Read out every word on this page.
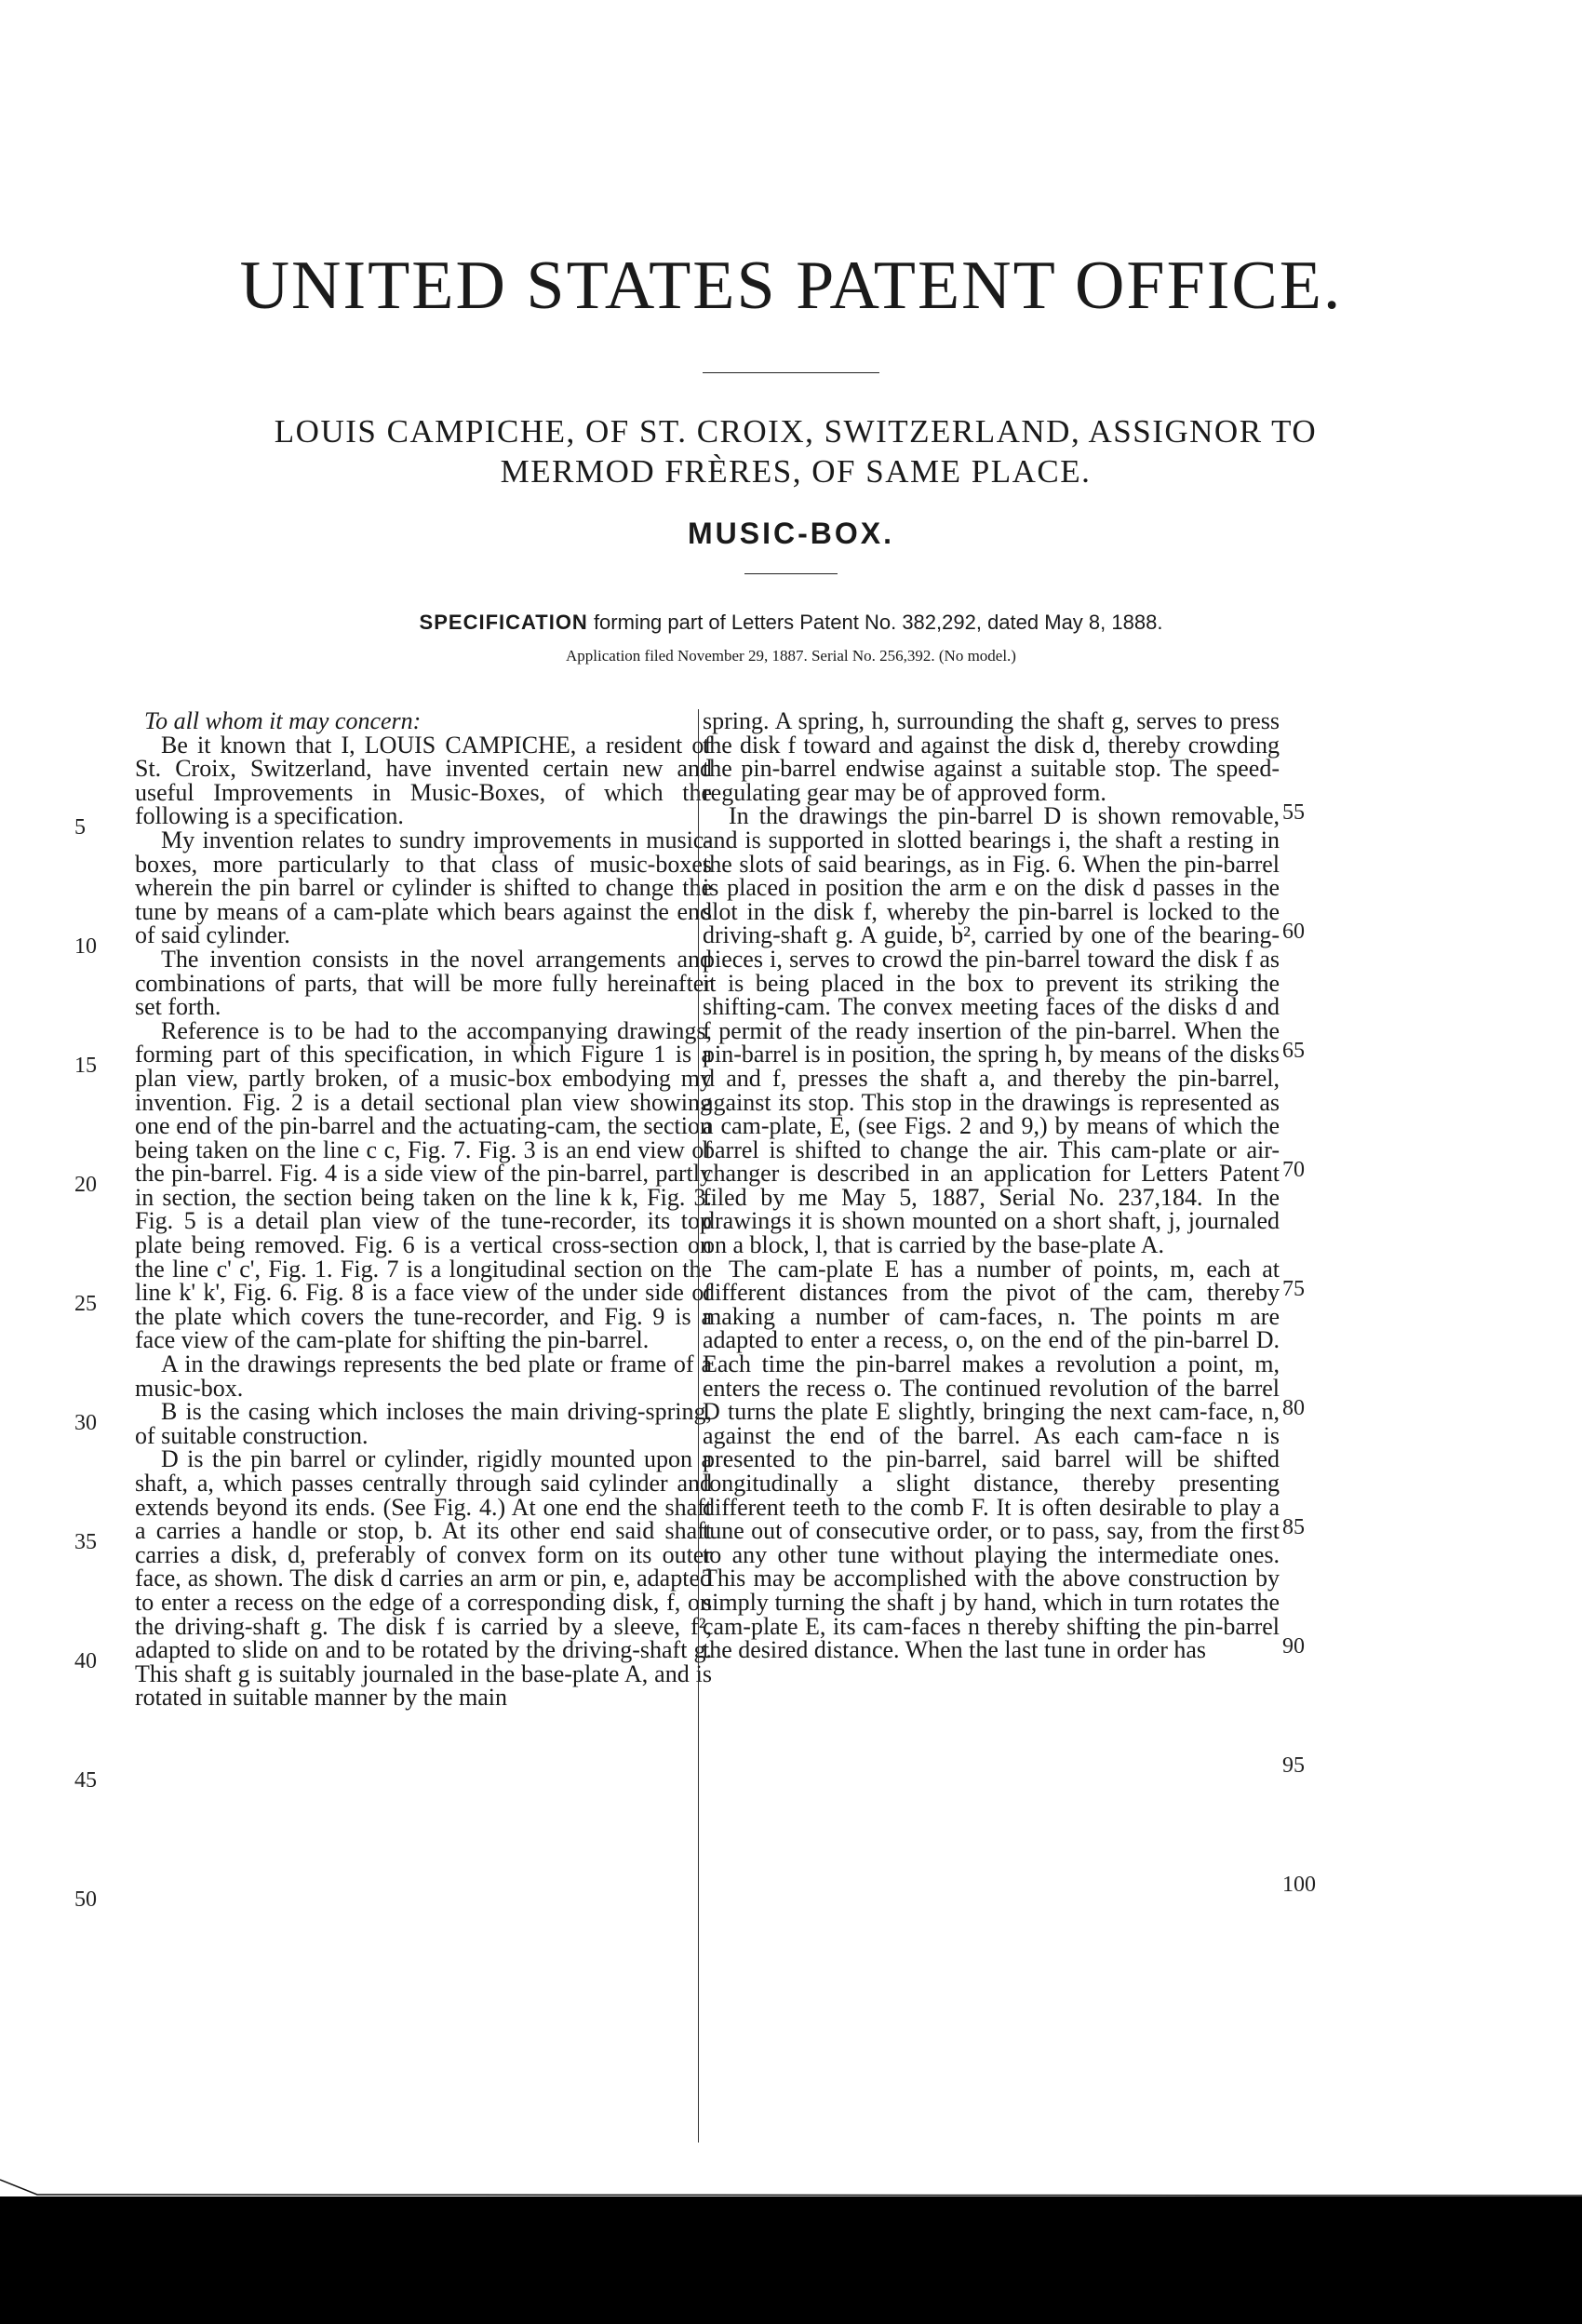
UNITED STATES PATENT OFFICE.
LOUIS CAMPICHE, OF ST. CROIX, SWITZERLAND, ASSIGNOR TO MERMOD FRÈRES, OF SAME PLACE.
MUSIC-BOX.
SPECIFICATION forming part of Letters Patent No. 382,292, dated May 8, 1888.
Application filed November 29, 1887. Serial No. 256,392. (No model.)

To all whom it may concern:

Be it known that I, LOUIS CAMPICHE, a resident of St. Croix, Switzerland, have invented certain new and useful Improvements in Music-Boxes, of which the following is a specification.

My invention relates to sundry improvements in music-boxes, more particularly to that class of music-boxes wherein the pin barrel or cylinder is shifted to change the tune by means of a cam-plate which bears against the end of said cylinder.

The invention consists in the novel arrangements and combinations of parts, that will be more fully hereinafter set forth.

Reference is to be had to the accompanying drawings, forming part of this specification, in which Figure 1 is a plan view, partly broken, of a music-box embodying my invention. Fig. 2 is a detail sectional plan view showing one end of the pin-barrel and the actuating-cam, the section being taken on the line c c, Fig. 7. Fig. 3 is an end view of the pin-barrel. Fig. 4 is a side view of the pin-barrel, partly in section, the section being taken on the line k k, Fig. 3. Fig. 5 is a detail plan view of the tune-recorder, its top plate being removed. Fig. 6 is a vertical cross-section on the line c' c', Fig. 1. Fig. 7 is a longitudinal section on the line k' k', Fig. 6. Fig. 8 is a face view of the under side of the plate which covers the tune-recorder, and Fig. 9 is a face view of the cam-plate for shifting the pin-barrel.

A in the drawings represents the bed plate or frame of a music-box.

B is the casing which incloses the main driving-spring, of suitable construction.

D is the pin barrel or cylinder, rigidly mounted upon a shaft, a, which passes centrally through said cylinder and extends beyond its ends. (See Fig. 4.) At one end the shaft a carries a handle or stop, b. At its other end said shaft carries a disk, d, preferably of convex form on its outer face, as shown. The disk d carries an arm or pin, e, adapted to enter a recess on the edge of a corresponding disk, f, on the driving-shaft g. The disk f is carried by a sleeve, f², adapted to slide on and to be rotated by the driving-shaft g. This shaft g is suitably journaled in the base-plate A, and is rotated in suitable manner by the main

spring. A spring, h, surrounding the shaft g, serves to press the disk f toward and against the disk d, thereby crowding the pin-barrel endwise against a suitable stop. The speed-regulating gear may be of approved form.

In the drawings the pin-barrel D is shown removable, and is supported in slotted bearings i, the shaft a resting in the slots of said bearings, as in Fig. 6. When the pin-barrel is placed in position the arm e on the disk d passes in the slot in the disk f, whereby the pin-barrel is locked to the driving-shaft g. A guide, b², carried by one of the bearing-pieces i, serves to crowd the pin-barrel toward the disk f as it is being placed in the box to prevent its striking the shifting-cam. The convex meeting faces of the disks d and f permit of the ready insertion of the pin-barrel. When the pin-barrel is in position, the spring h, by means of the disks d and f, presses the shaft a, and thereby the pin-barrel, against its stop. This stop in the drawings is represented as a cam-plate, E, (see Figs. 2 and 9,) by means of which the barrel is shifted to change the air. This cam-plate or air-changer is described in an application for Letters Patent filed by me May 5, 1887, Serial No. 237,184. In the drawings it is shown mounted on a short shaft, j, journaled on a block, l, that is carried by the base-plate A.

The cam-plate E has a number of points, m, each at different distances from the pivot of the cam, thereby making a number of cam-faces, n. The points m are adapted to enter a recess, o, on the end of the pin-barrel D. Each time the pin-barrel makes a revolution a point, m, enters the recess o. The continued revolution of the barrel D turns the plate E slightly, bringing the next cam-face, n, against the end of the barrel. As each cam-face n is presented to the pin-barrel, said barrel will be shifted longitudinally a slight distance, thereby presenting different teeth to the comb F. It is often desirable to play a tune out of consecutive order, or to pass, say, from the first to any other tune without playing the intermediate ones. This may be accomplished with the above construction by simply turning the shaft j by hand, which in turn rotates the cam-plate E, its cam-faces n thereby shifting the pin-barrel the desired distance. When the last tune in order has

5
10
15
20
25
30
35
40
45
50
55
60
65
70
75
80
85
90
95
100
